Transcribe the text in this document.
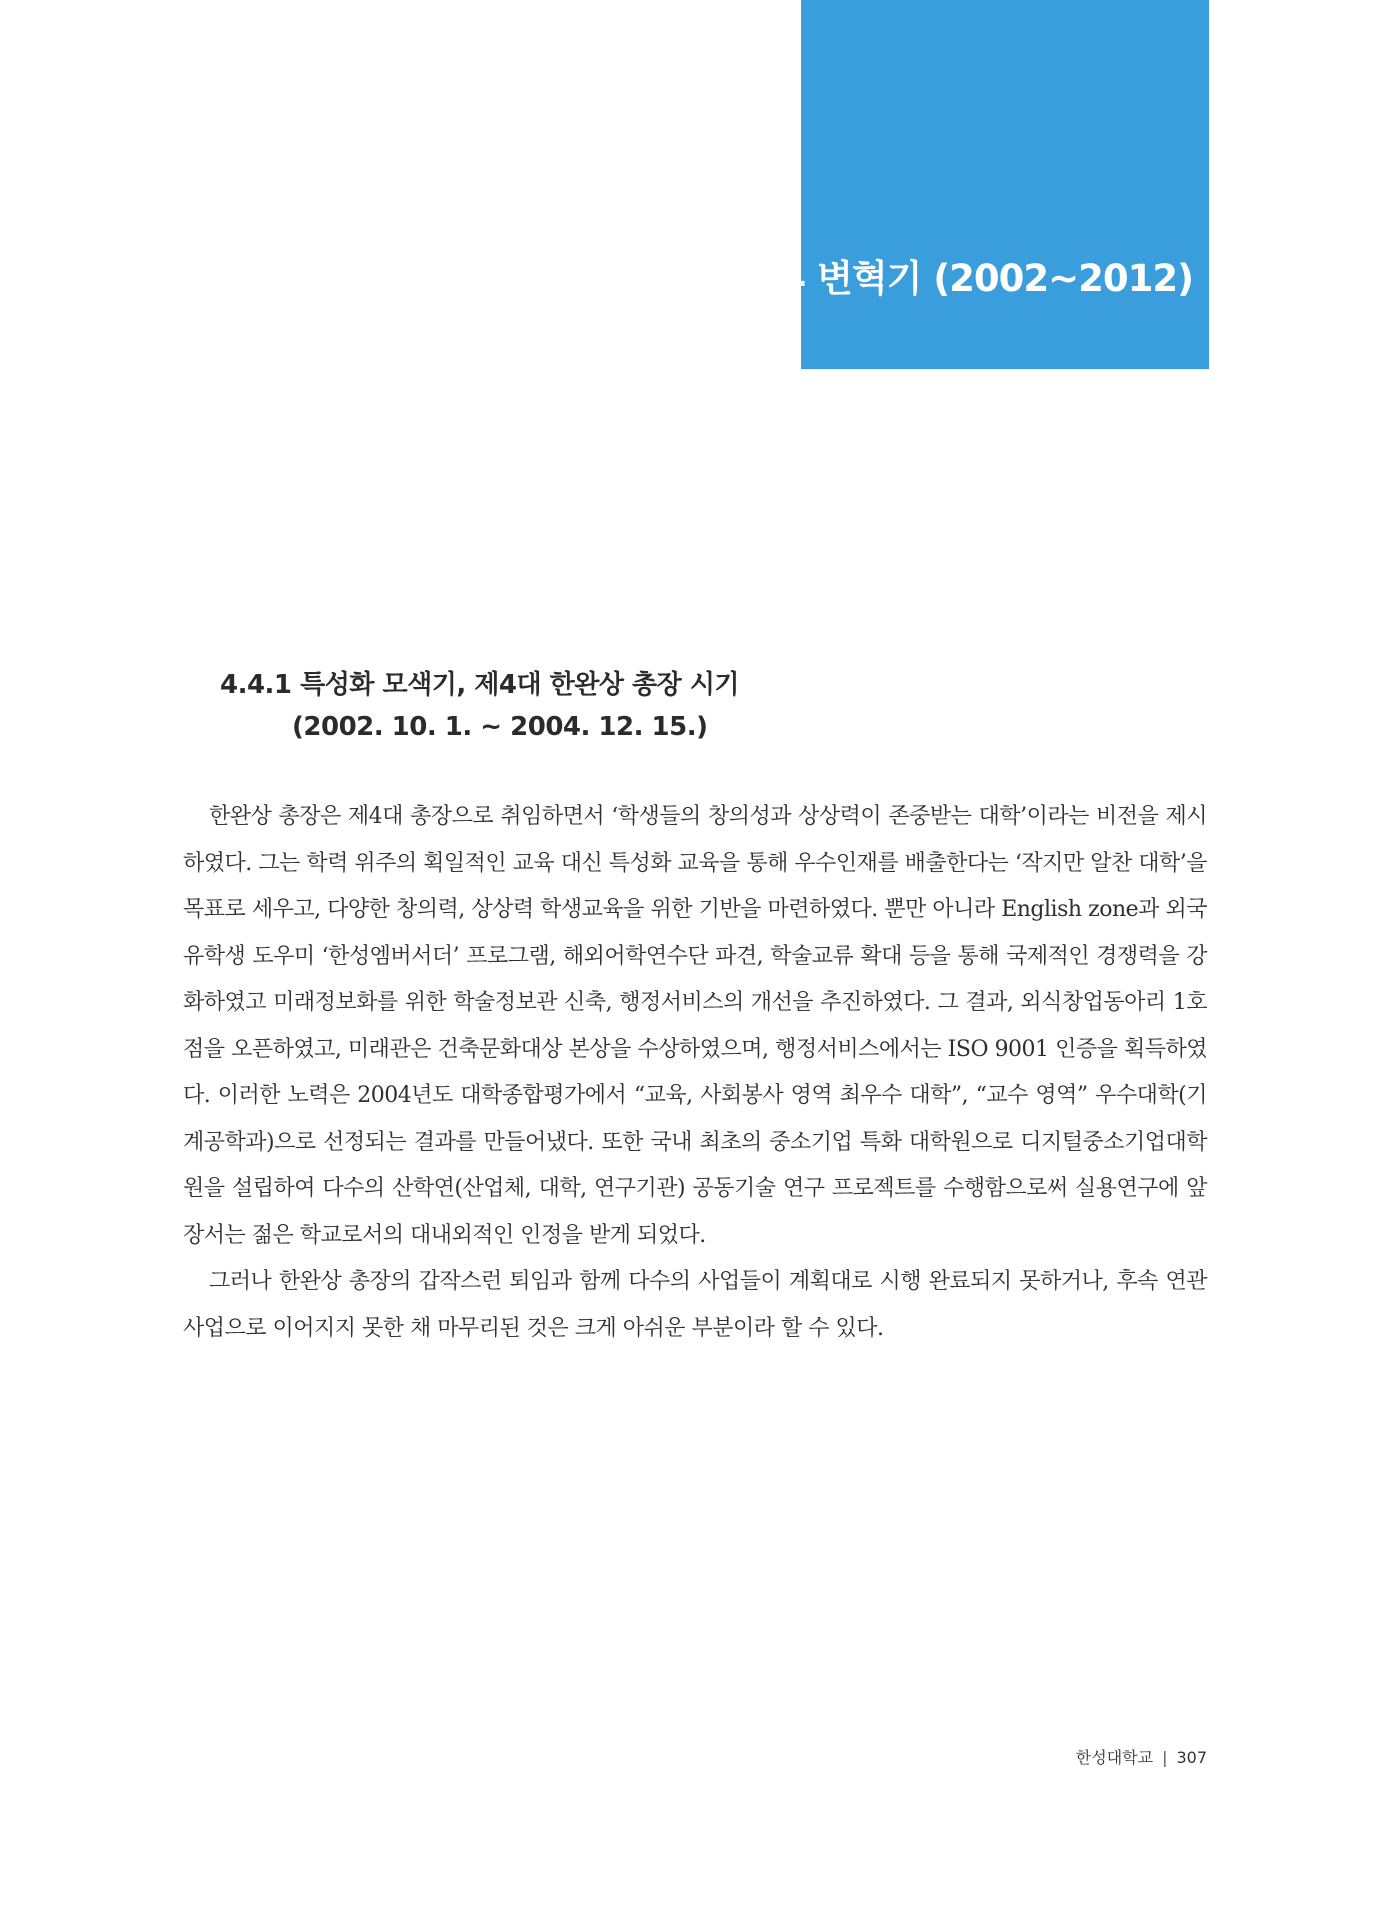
4.4 변혁기 (2002~2012)
4.4.1 특성화 모색기, 제4대 한완상 총장 시기
(2002. 10. 1. ~ 2004. 12. 15.)

한완상 총장은 제4대 총장으로 취임하면서 ‘학생들의 창의성과 상상력이 존중받는 대학’이라는 비전을 제시하였다. 그는 학력 위주의 획일적인 교육 대신 특성화 교육을 통해 우수인재를 배출한다는 ‘작지만 알찬 대학’을 목표로 세우고, 다양한 창의력, 상상력 학생교육을 위한 기반을 마련하였다. 뿐만 아니라 English zone과 외국유학생 도우미 ‘한성엠버서더’ 프로그램, 해외어학연수단 파견, 학술교류 확대 등을 통해 국제적인 경쟁력을 강화하였고 미래정보화를 위한 학술정보관 신축, 행정서비스의 개선을 추진하였다. 그 결과, 외식창업동아리 1호점을 오픈하였고, 미래관은 건축문화대상 본상을 수상하였으며, 행정서비스에서는 ISO 9001 인증을 획득하였다. 이러한 노력은 2004년도 대학종합평가에서 “교육, 사회봉사 영역 최우수 대학”, “교수 영역” 우수대학(기계공학과)으로 선정되는 결과를 만들어냈다. 또한 국내 최초의 중소기업 특화 대학원으로 디지털중소기업대학원을 설립하여 다수의 산학연(산업체, 대학, 연구기관) 공동기술 연구 프로젝트를 수행함으로써 실용연구에 앞장서는 젊은 학교로서의 대내외적인 인정을 받게 되었다.

그러나 한완상 총장의 갑작스런 퇴임과 함께 다수의 사업들이 계획대로 시행 완료되지 못하거나, 후속 연관 사업으로 이어지지 못한 채 마무리된 것은 크게 아쉬운 부분이라 할 수 있다.

한성대학교 | 307
